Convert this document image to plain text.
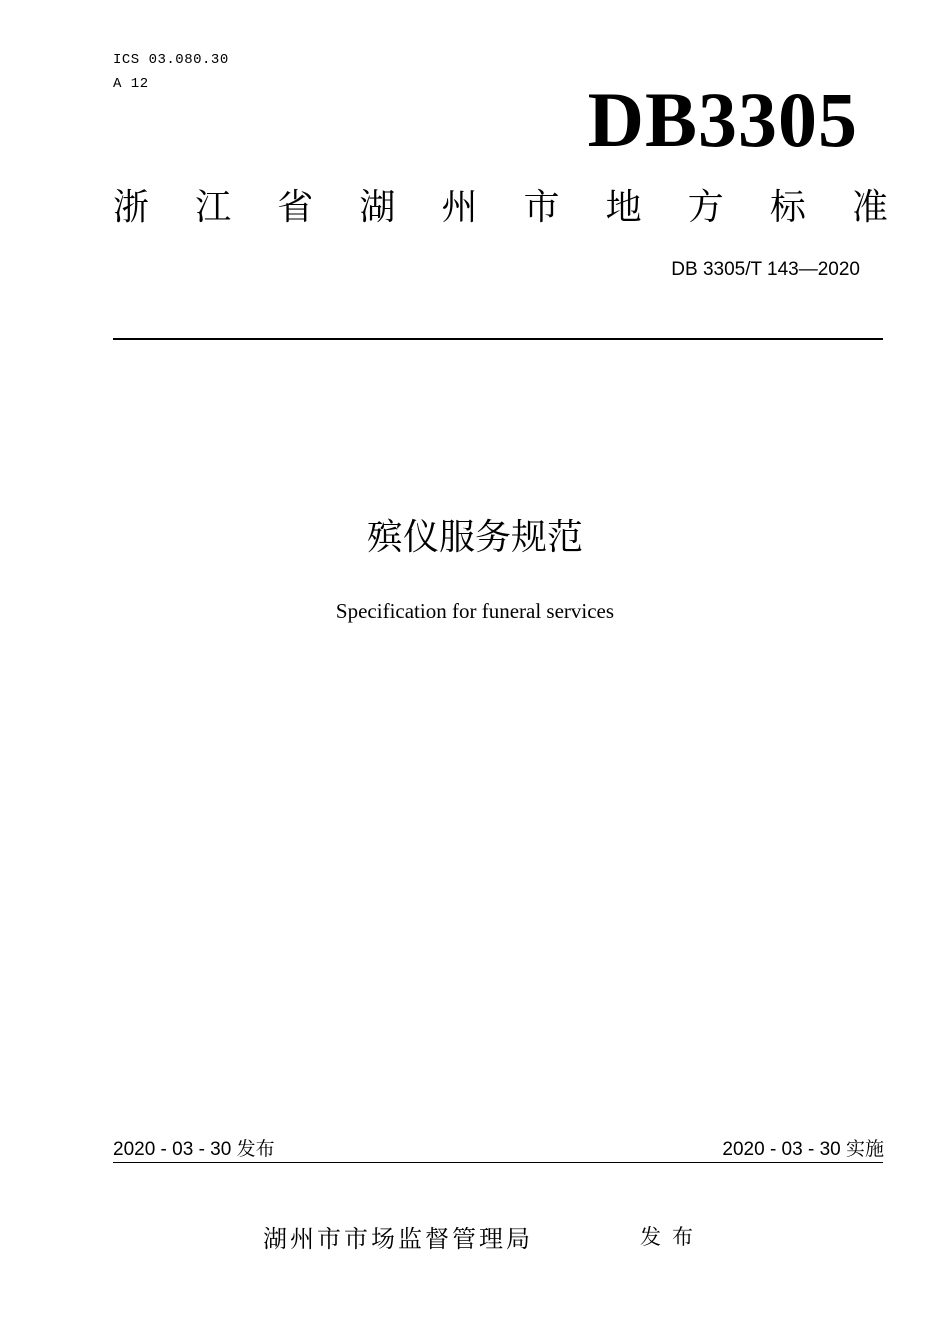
ICS 03.080.30
A 12	DB3305
浙 江 省 湖 州 市 地 方 标 准
DB 3305/T 143—2020
殡仪服务规范
Specification for funeral services
2020 - 03 - 30 发布	2020 - 03 - 30 实施
湖州市市场监督管理局	发布
